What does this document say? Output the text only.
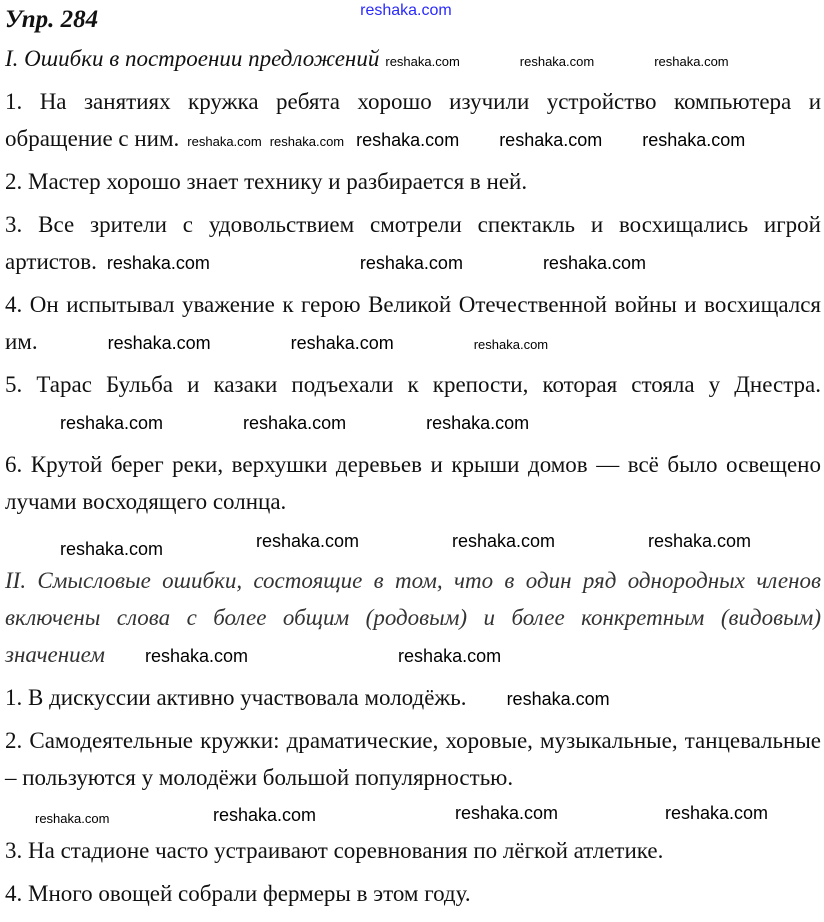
Упр. 284	reshaka.com

I. Ошибки в построении предложений reshaka.com	reshaka.com	reshaka.com

1. На занятиях кружка ребята хорошо изучили устройство компьютера и обращение с ним. reshaka.com reshaka.com reshaka.com reshaka.com reshaka.com

2. Мастер хорошо знает технику и разбирается в ней.

3. Все зрители с удовольствием смотрели спектакль и восхищались игрой артистов. reshaka.com	reshaka.com	reshaka.com

4. Он испытывал уважение к герою Великой Отечественной войны и восхищался им.	reshaka.com	reshaka.com	reshaka.com

5. Тарас Бульба и казаки подъехали к крепости, которая стояла у Днестра.reshaka.com	reshaka.com	reshaka.com

6. Крутой берег реки, верхушки деревьев и крыши домов — всё было освещено лучами восходящего солнца.

reshaka.com	reshaka.com	reshaka.com	reshaka.com

II. Смысловые ошибки, состоящие в том, что в один ряд однородных членов включены слова с более общим (родовым) и более конкретным (видовым) значением reshaka.com	reshaka.com

1. В дискуссии активно участвовала молодёжь. reshaka.com

2. Самодеятельные кружки: драматические, хоровые, музыкальные, танцевальные – пользуются у молодёжи большой популярностью.

reshaka.com	reshaka.com	reshaka.com	reshaka.com

3. На стадионе часто устраивают соревнования по лёгкой атлетике.

4. Много овощей собрали фермеры в этом году.
